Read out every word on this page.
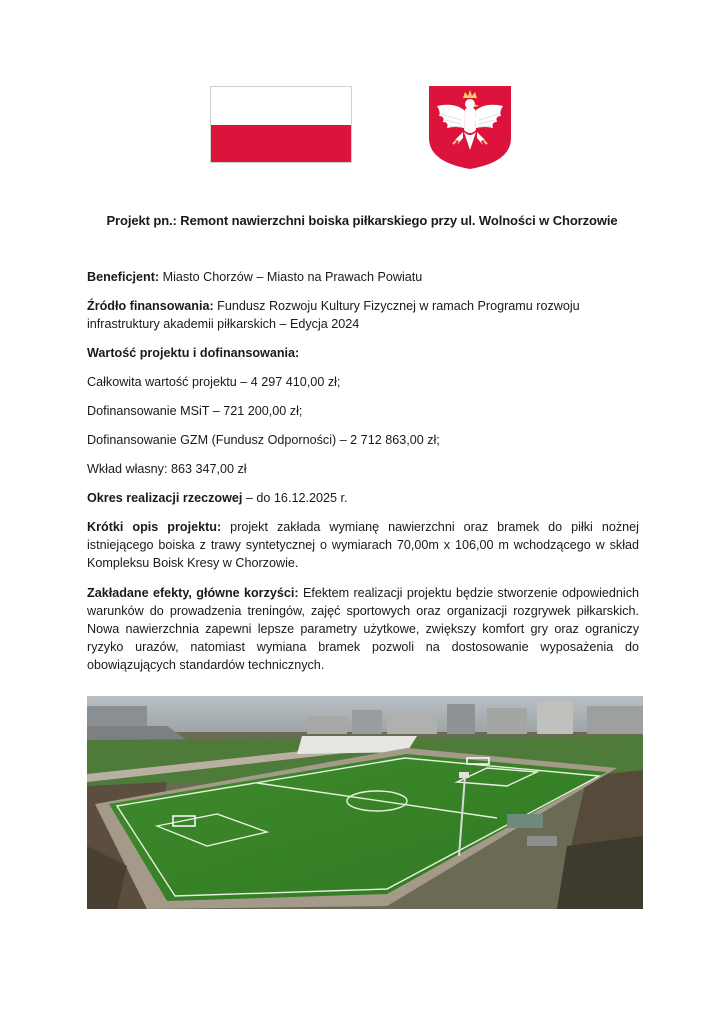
Projekt pn.: Remont nawierzchni boiska piłkarskiego przy ul. Wolności w Chorzowie

Beneficjent: Miasto Chorzów – Miasto na Prawach Powiatu

Źródło finansowania: Fundusz Rozwoju Kultury Fizycznej w ramach Programu rozwoju infrastruktury akademii piłkarskich – Edycja 2024

Wartość projektu i dofinansowania:

Całkowita wartość projektu – 4 297 410,00 zł;

Dofinansowanie MSiT – 721 200,00 zł;

Dofinansowanie GZM (Fundusz Odporności) – 2 712 863,00 zł;

Wkład własny: 863 347,00 zł

Okres realizacji rzeczowej – do 16.12.2025 r.

Krótki opis projektu: projekt zakłada wymianę nawierzchni oraz bramek do piłki nożnej istniejącego boiska z trawy syntetycznej o wymiarach 70,00m x 106,00 m wchodzącego w skład Kompleksu Boisk Kresy w Chorzowie.

Zakładane efekty, główne korzyści: Efektem realizacji projektu będzie stworzenie odpowiednich warunków do prowadzenia treningów, zajęć sportowych oraz organizacji rozgrywek piłkarskich. Nowa nawierzchnia zapewni lepsze parametry użytkowe, zwiększy komfort gry oraz ograniczy ryzyko urazów, natomiast wymiana bramek pozwoli na dostosowanie wyposażenia do obowiązujących standardów technicznych.
